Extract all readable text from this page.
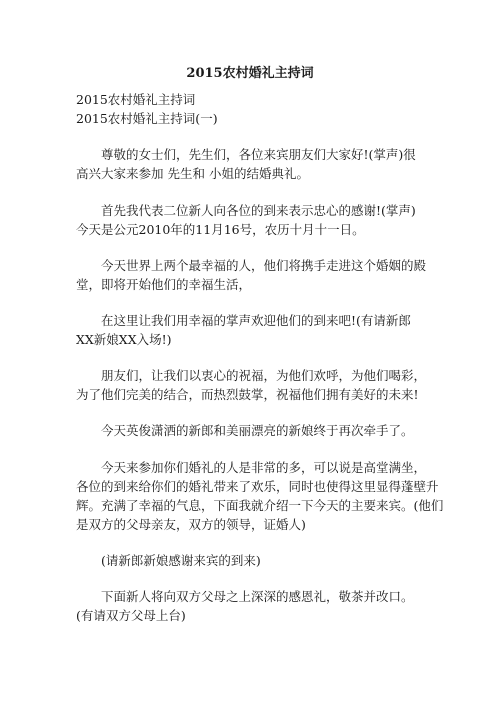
2015农村婚礼主持词
2015农村婚礼主持词
2015农村婚礼主持词(一)
尊敬的女士们，先生们，各位来宾朋友们大家好!(掌声)很
高兴大家来参加 先生和 小姐的结婚典礼。
首先我代表二位新人向各位的到来表示忠心的感谢!(掌声)
今天是公元2010年的11月16号，农历十月十一日。
今天世界上两个最幸福的人，他们将携手走进这个婚姻的殿
堂，即将开始他们的幸福生活，
在这里让我们用幸福的掌声欢迎他们的到来吧!(有请新郎
XX新娘XX入场!)
朋友们，让我们以衷心的祝福，为他们欢呼，为他们喝彩，
为了他们完美的结合，而热烈鼓掌，祝福他们拥有美好的未来!
今天英俊潇洒的新郎和美丽漂亮的新娘终于再次牵手了。
今天来参加你们婚礼的人是非常的多，可以说是高堂满坐，
各位的到来给你们的婚礼带来了欢乐，同时也使得这里显得蓬壁升
辉。充满了幸福的气息，下面我就介绍一下今天的主要来宾。(他们
是双方的父母亲友，双方的领导，证婚人)
(请新郎新娘感谢来宾的到来)
下面新人将向双方父母之上深深的感恩礼，敬茶并改口。
(有请双方父母上台)
